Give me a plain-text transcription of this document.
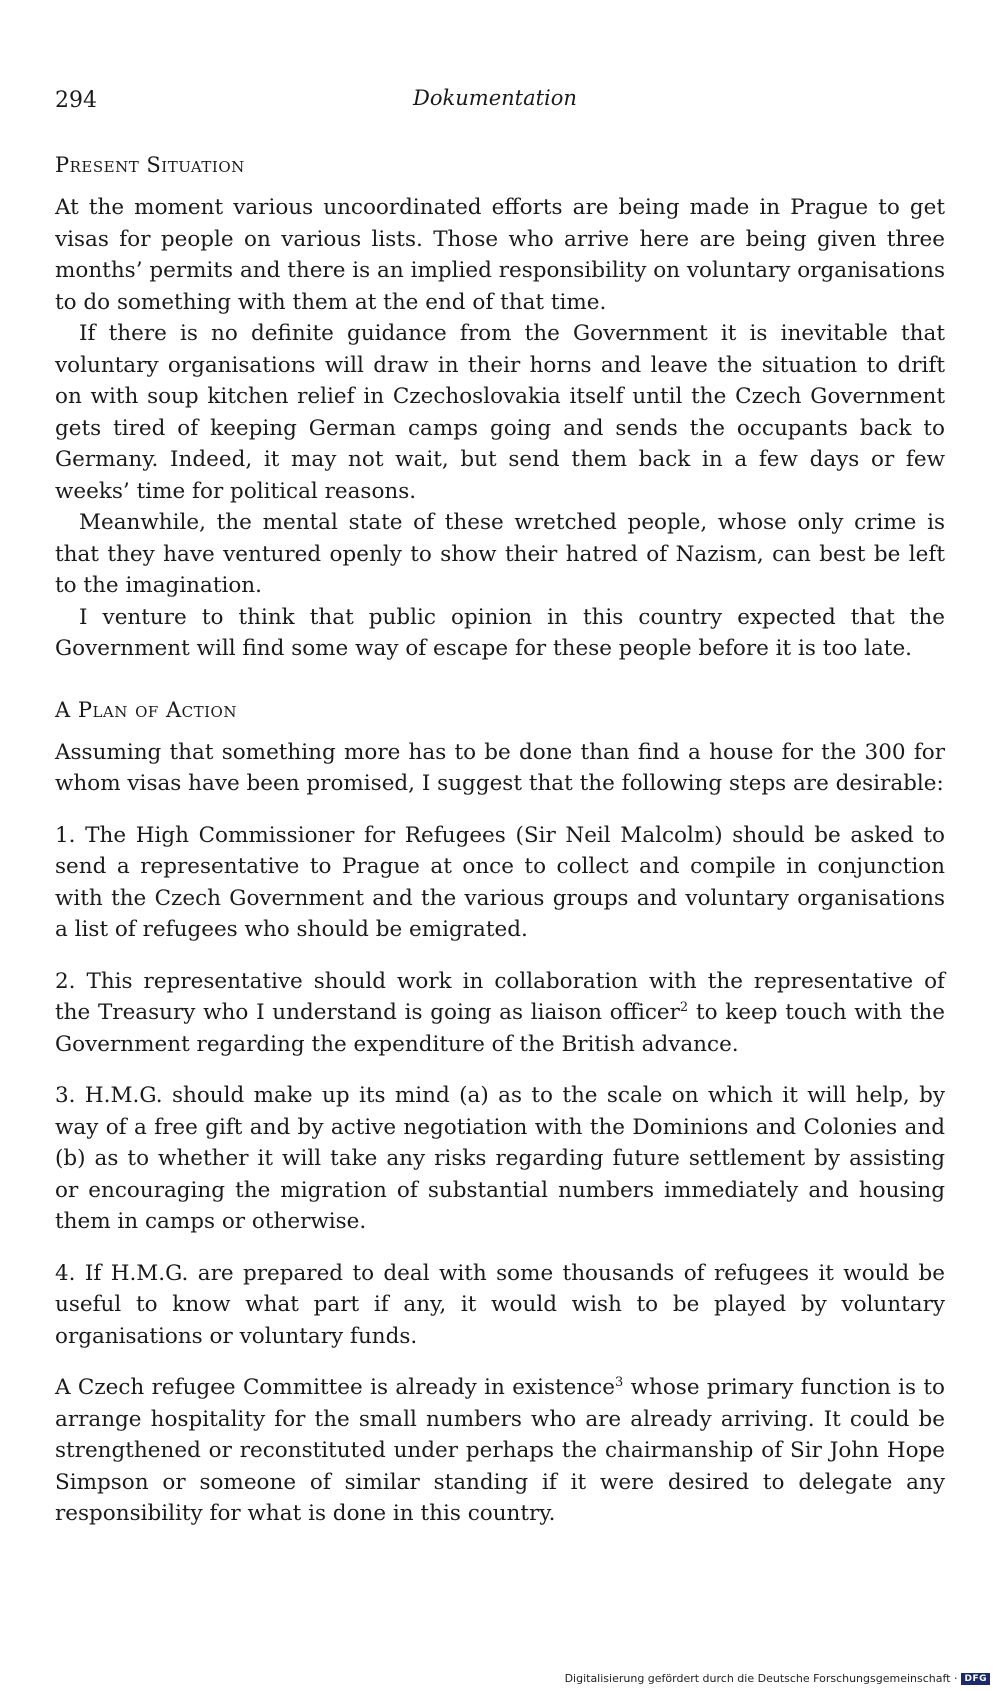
294	Dokumentation
Present Situation

At the moment various uncoordinated efforts are being made in Prague to get visas for people on various lists. Those who arrive here are being given three months’ permits and there is an implied responsibility on voluntary organisations to do something with them at the end of that time.

If there is no definite guidance from the Government it is inevitable that voluntary organisations will draw in their horns and leave the situation to drift on with soup kitchen relief in Czechoslovakia itself until the Czech Government gets tired of keeping German camps going and sends the occupants back to Germany. Indeed, it may not wait, but send them back in a few days or few weeks’ time for political reasons.

Meanwhile, the mental state of these wretched people, whose only crime is that they have ventured openly to show their hatred of Nazism, can best be left to the imagination.

I venture to think that public opinion in this country expected that the Government will find some way of escape for these people before it is too late.

A Plan of Action

Assuming that something more has to be done than find a house for the 300 for whom visas have been promised, I suggest that the following steps are desirable:

1. The High Commissioner for Refugees (Sir Neil Malcolm) should be asked to send a representative to Prague at once to collect and compile in conjunction with the Czech Government and the various groups and voluntary organisations a list of refugees who should be emigrated.

2. This representative should work in collaboration with the representative of the Treasury who I understand is going as liaison officer$^2$ to keep touch with the Government regarding the expenditure of the British advance.

3. H.M.G. should make up its mind (a) as to the scale on which it will help, by way of a free gift and by active negotiation with the Dominions and Colonies and (b) as to whether it will take any risks regarding future settlement by assisting or encouraging the migration of substantial numbers immediately and housing them in camps or otherwise.

4. If H.M.G. are prepared to deal with some thousands of refugees it would be useful to know what part if any, it would wish to be played by voluntary organisations or voluntary funds.

A Czech refugee Committee is already in existence$^3$ whose primary function is to arrange hospitality for the small numbers who are already arriving. It could be strengthened or reconstituted under perhaps the chairmanship of Sir John Hope Simpson or someone of similar standing if it were desired to delegate any responsibility for what is done in this country.

Digitalisierung gefördert durch die Deutsche Forschungsgemeinschaft · DFG
